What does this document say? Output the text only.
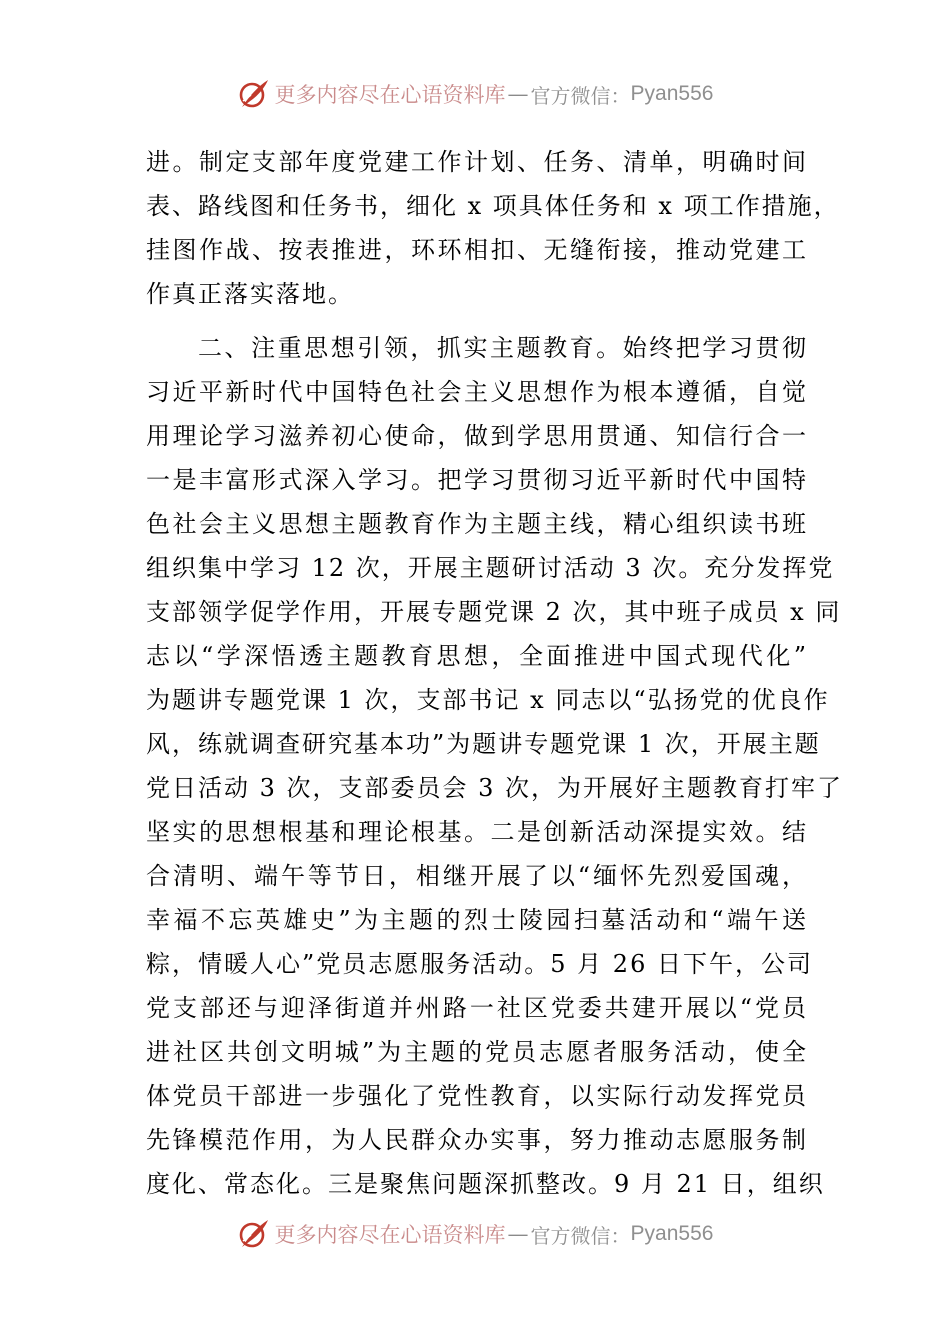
更多内容尽在心语资料库 — 官方微信： Pyan556
进。制定支部年度党建工作计划、任务、清单，明确时间
表、路线图和任务书，细化 x 项具体任务和 x 项工作措施，
挂图作战、按表推进，环环相扣、无缝衔接，推动党建工
作真正落实落地。
二、注重思想引领，抓实主题教育。始终把学习贯彻
习近平新时代中国特色社会主义思想作为根本遵循，自觉
用理论学习滋养初心使命，做到学思用贯通、知信行合一
一是丰富形式深入学习。把学习贯彻习近平新时代中国特
色社会主义思想主题教育作为主题主线，精心组织读书班
组织集中学习 12 次，开展主题研讨活动 3 次。充分发挥党
支部领学促学作用，开展专题党课 2 次，其中班子成员 x 同
志以“学深悟透主题教育思想，全面推进中国式现代化”
为题讲专题党课 1 次，支部书记 x 同志以“弘扬党的优良作
风，练就调查研究基本功”为题讲专题党课 1 次，开展主题
党日活动 3 次，支部委员会 3 次，为开展好主题教育打牢了
坚实的思想根基和理论根基。二是创新活动深提实效。结
合清明、端午等节日，相继开展了以“缅怀先烈爱国魂，
幸福不忘英雄史”为主题的烈士陵园扫墓活动和“端午送
粽，情暖人心”党员志愿服务活动。5 月 26 日下午，公司
党支部还与迎泽街道并州路一社区党委共建开展以“党员
进社区共创文明城”为主题的党员志愿者服务活动，使全
体党员干部进一步强化了党性教育，以实际行动发挥党员
先锋模范作用，为人民群众办实事，努力推动志愿服务制
度化、常态化。三是聚焦问题深抓整改。9 月 21 日，组织
更多内容尽在心语资料库 — 官方微信： Pyan556
